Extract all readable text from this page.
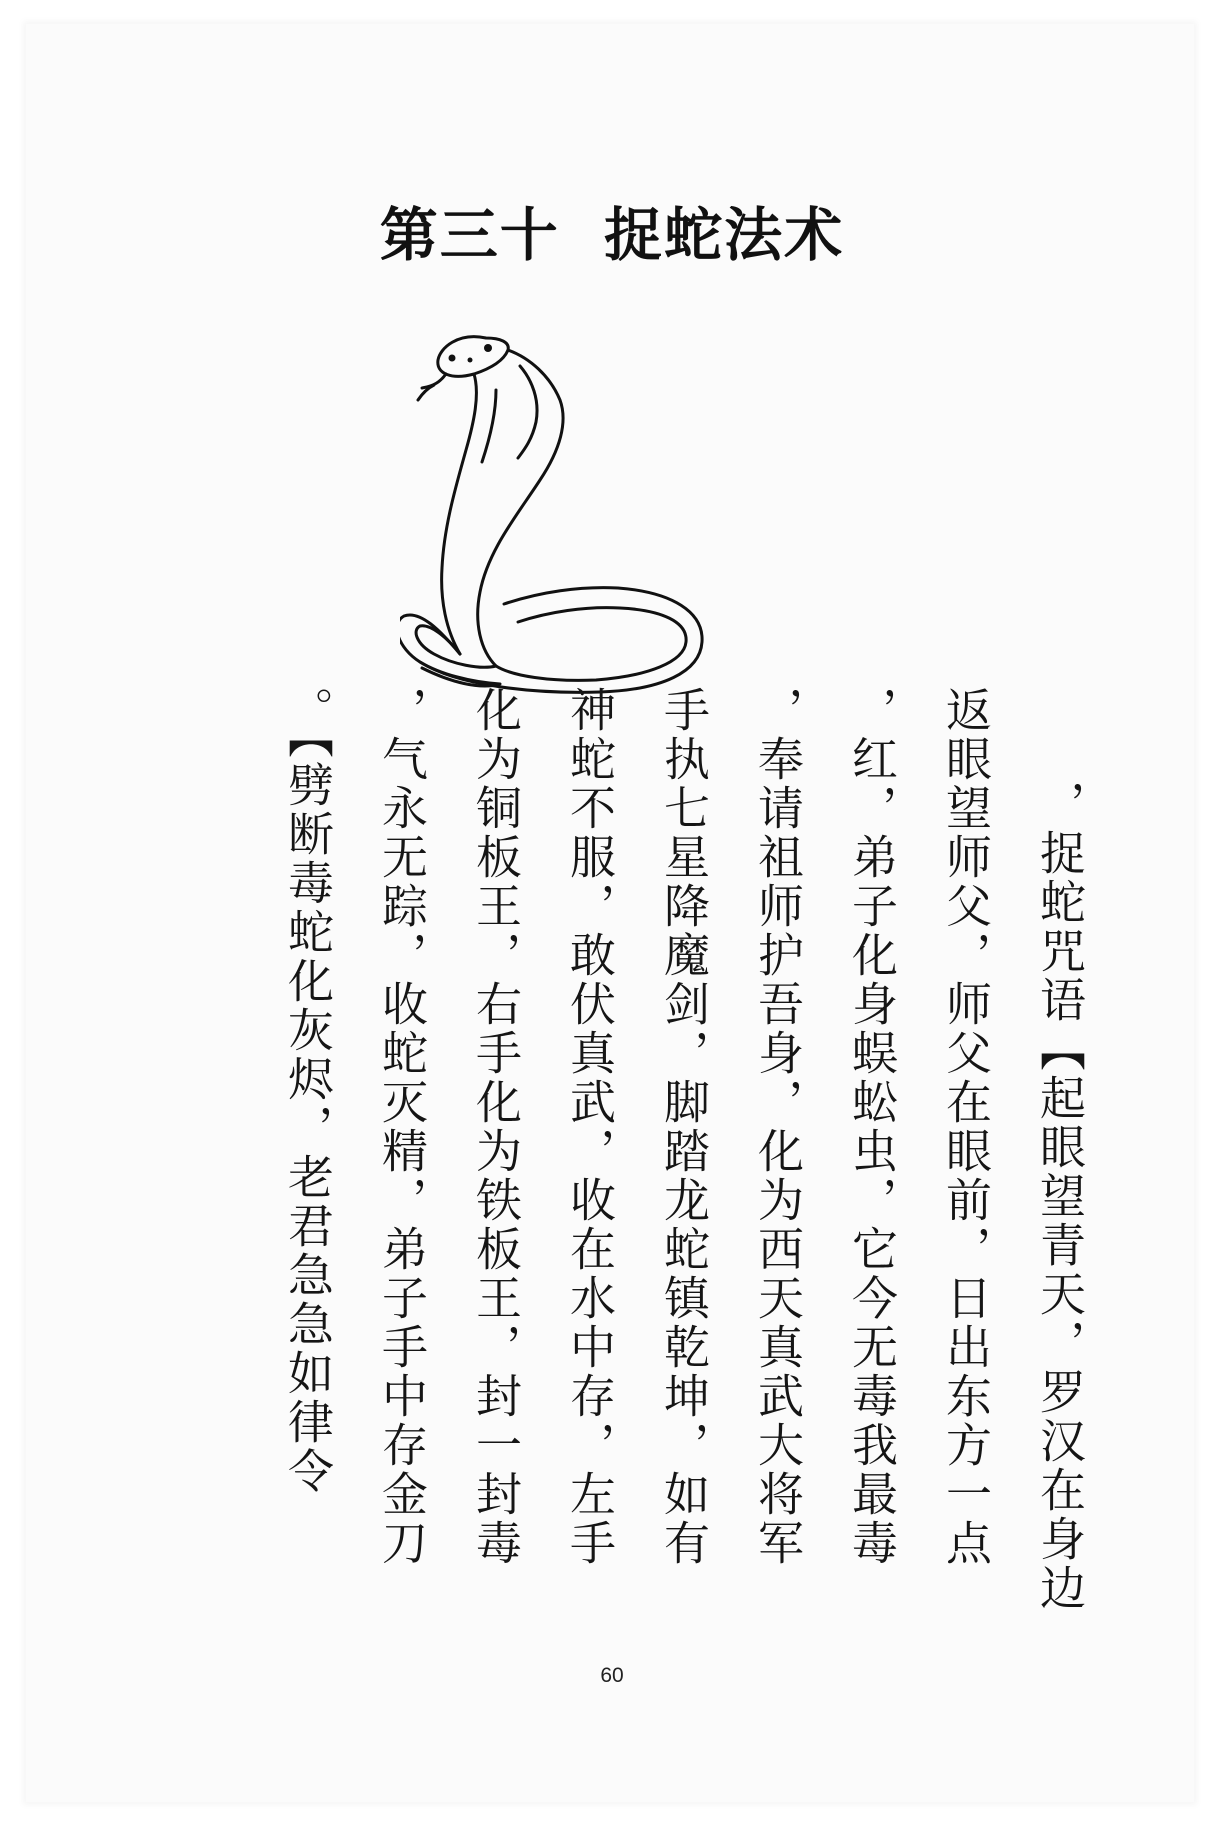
第三十  捉蛇法术
捉蛇咒语【起眼望青天，罗汉在身边，
返眼望师父，师父在眼前，日出东方一点
红，弟子化身蜈蚣虫，它今无毒我最毒，
奉请祖师护吾身，化为西天真武大将军，
手执七星降魔剑，脚踏龙蛇镇乾坤，如有
神蛇不服，敢伏真武，收在水中存，左手
化为铜板王，右手化为铁板王，封一封毒
气永无踪，收蛇灭精，弟子手中存金刀，
劈断毒蛇化灰烬，老君急急如律令】。
60
